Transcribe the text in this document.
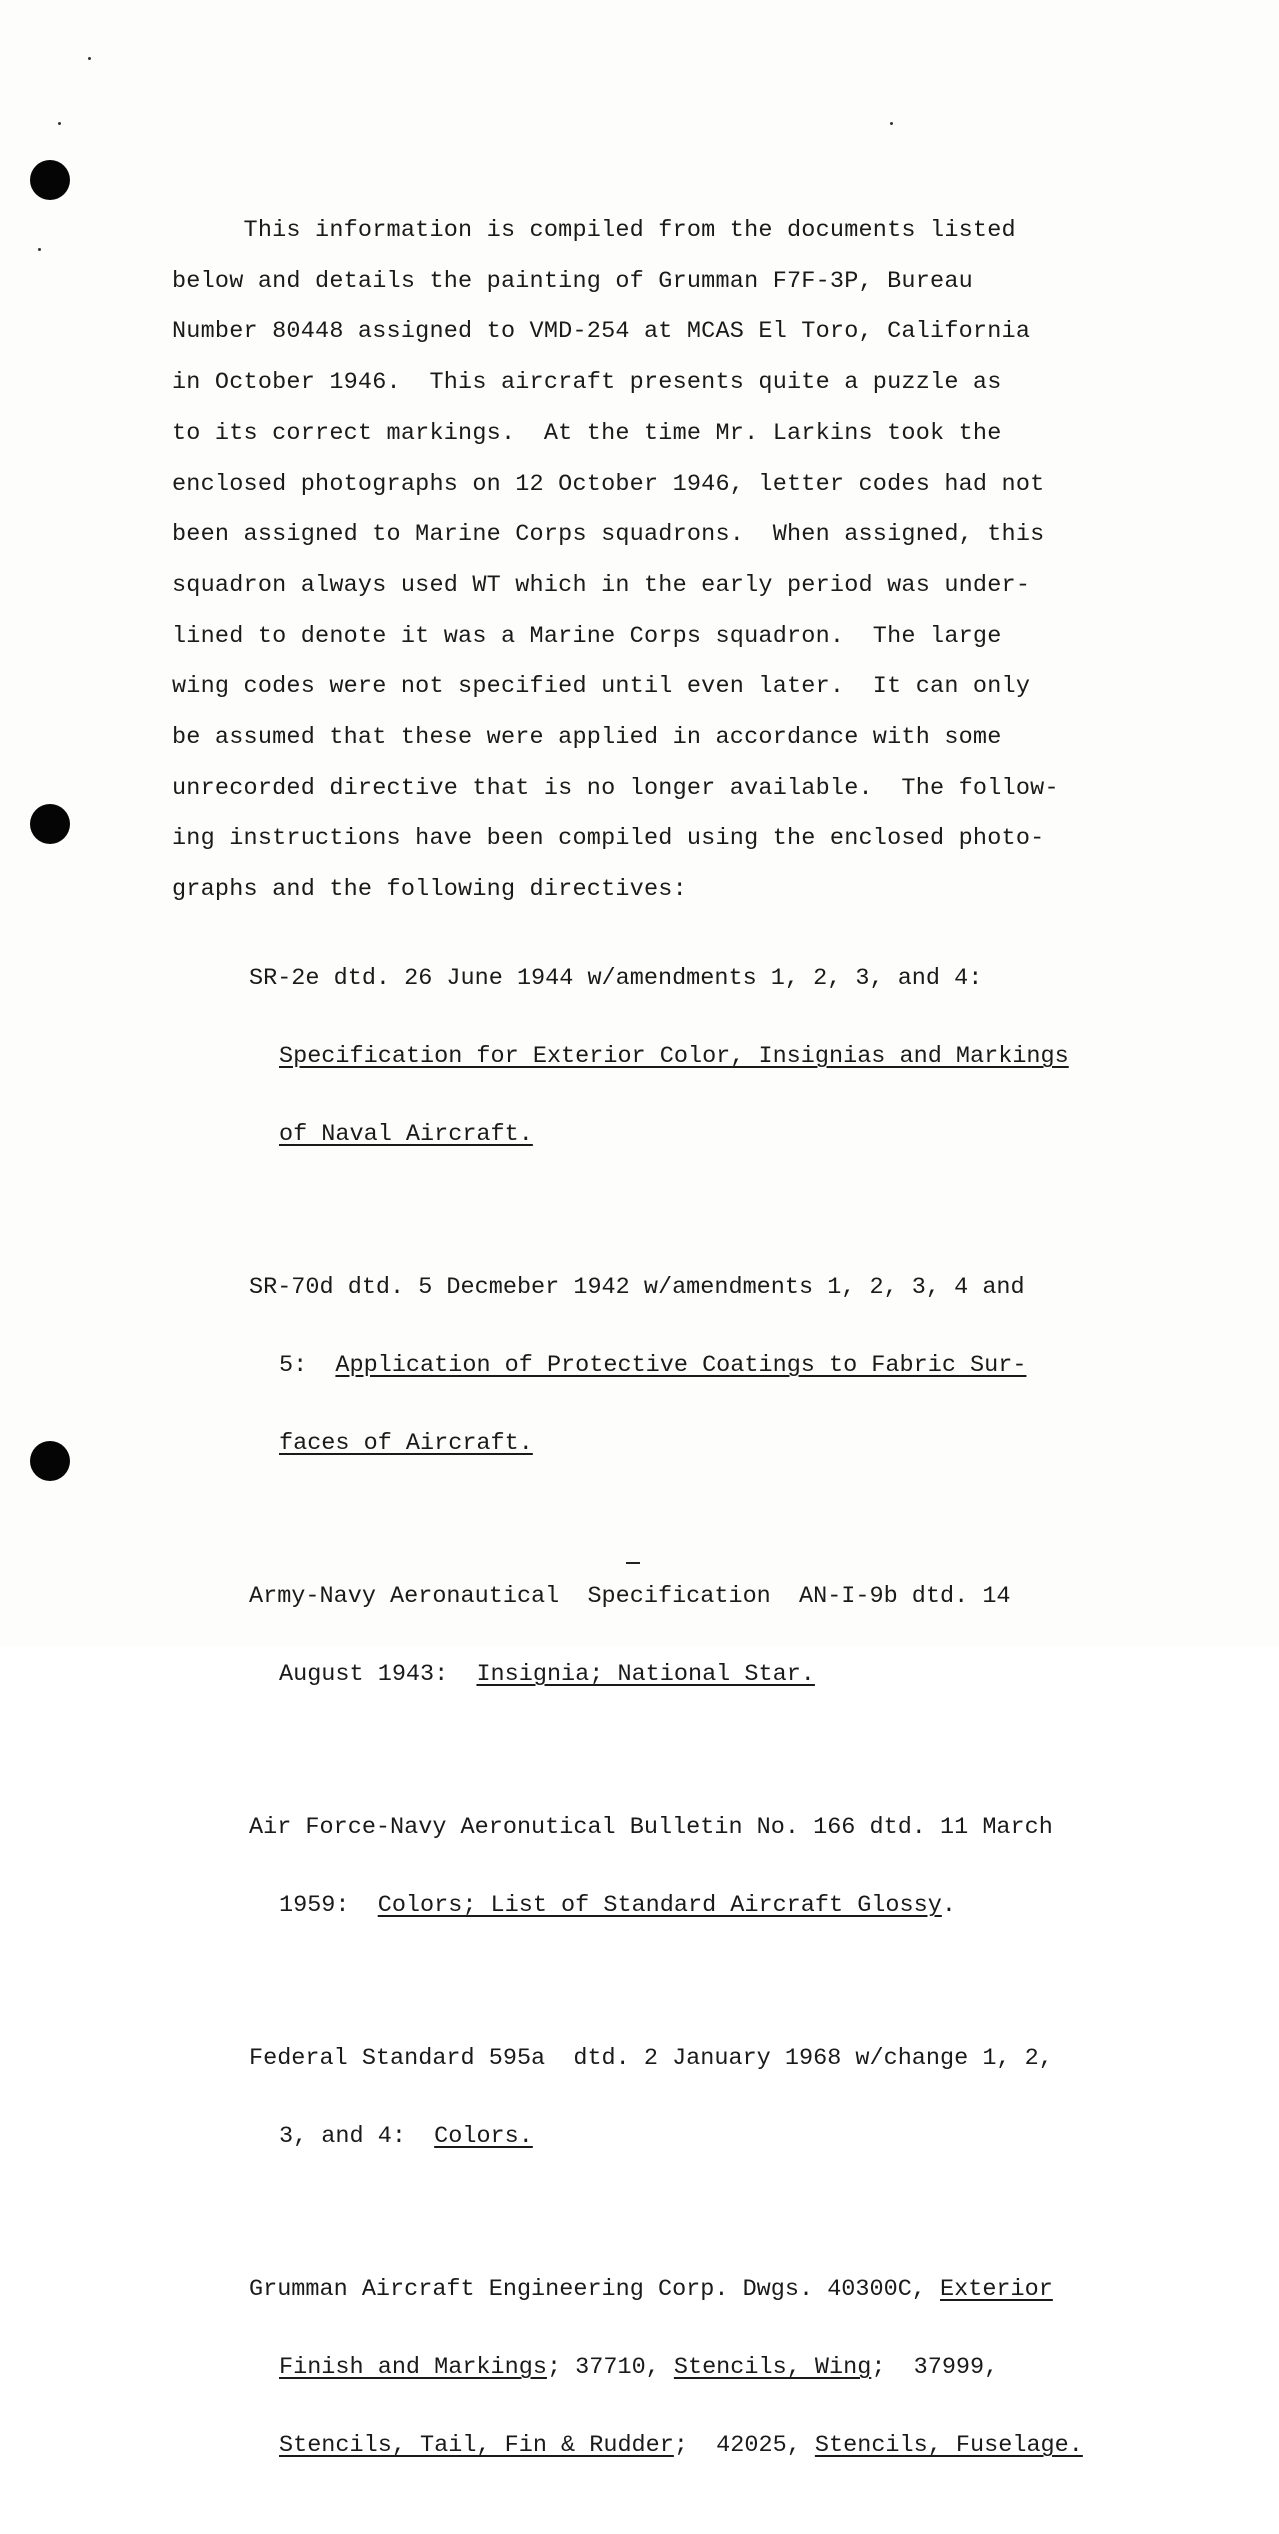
This information is compiled from the documents listed
below and details the painting of Grumman F7F-3P, Bureau
Number 80448 assigned to VMD-254 at MCAS El Toro, California
in October 1946.  This aircraft presents quite a puzzle as
to its correct markings.  At the time Mr. Larkins took the
enclosed photographs on 12 October 1946, letter codes had not
been assigned to Marine Corps squadrons.  When assigned, this
squadron always used WT which in the early period was under-
lined to denote it was a Marine Corps squadron.  The large
wing codes were not specified until even later.  It can only
be assumed that these were applied in accordance with some
unrecorded directive that is no longer available.  The follow-
ing instructions have been compiled using the enclosed photo-
graphs and the following directives:

SR-2e dtd. 26 June 1944 w/amendments 1, 2, 3, and 4:

Specification for Exterior Color, Insignias and Markings

of Naval Aircraft.

SR-70d dtd. 5 Decmeber 1942 w/amendments 1, 2, 3, 4 and

5:  Application of Protective Coatings to Fabric Sur-

faces of Aircraft.

Army-Navy Aeronautical  Specification  AN-I-9b dtd. 14

August 1943:  Insignia; National Star.

Air Force-Navy Aeronutical Bulletin No. 166 dtd. 11 March

1959:  Colors; List of Standard Aircraft Glossy.

Federal Standard 595a  dtd. 2 January 1968 w/change 1, 2,

3, and 4:  Colors.

Grumman Aircraft Engineering Corp. Dwgs. 40300C, Exterior

Finish and Markings; 37710, Stencils, Wing;  37999,

Stencils, Tail, Fin & Rudder;  42025, Stencils, Fuselage.
